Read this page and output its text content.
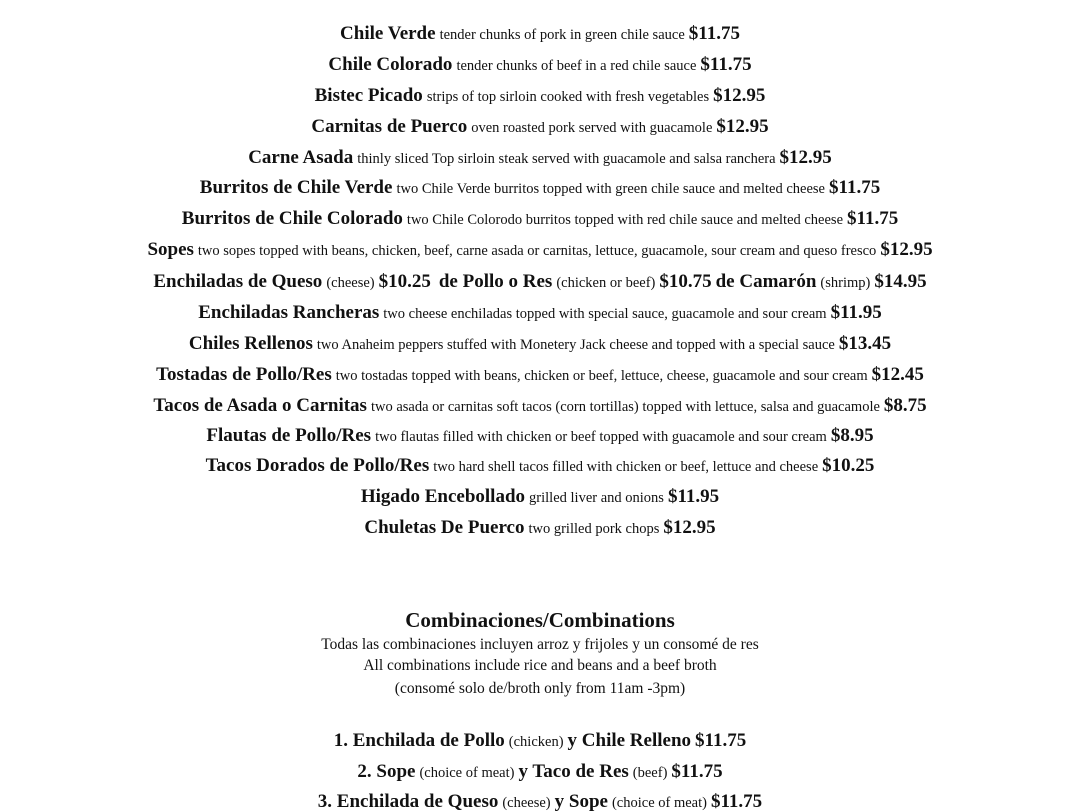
Chile Verde tender chunks of pork in green chile sauce $11.75
Chile Colorado tender chunks of beef in a red chile sauce $11.75
Bistec Picado strips of top sirloin cooked with fresh vegetables $12.95
Carnitas de Puerco oven roasted pork served with guacamole $12.95
Carne Asada thinly sliced Top sirloin steak served with guacamole and salsa ranchera $12.95
Burritos de Chile Verde two Chile Verde burritos topped with green chile sauce and melted cheese $11.75
Burritos de Chile Colorado two Chile Colorodo burritos topped with red chile sauce and melted cheese $11.75
Sopes two sopes topped with beans, chicken, beef, carne asada or carnitas, lettuce, guacamole, sour cream and queso fresco $12.95
Enchiladas de Queso (cheese) $10.25 de Pollo o Res (chicken or beef) $10.75 de Camarón (shrimp) $14.95
Enchiladas Rancheras two cheese enchiladas topped with special sauce, guacamole and sour cream $11.95
Chiles Rellenos two Anaheim peppers stuffed with Monetery Jack cheese and topped with a special sauce $13.45
Tostadas de Pollo/Res two tostadas topped with beans, chicken or beef, lettuce, cheese, guacamole and sour cream $12.45
Tacos de Asada o Carnitas two asada or carnitas soft tacos (corn tortillas) topped with lettuce, salsa and guacamole $8.75
Flautas de Pollo/Res two flautas filled with chicken or beef topped with guacamole and sour cream $8.95
Tacos Dorados de Pollo/Res two hard shell tacos filled with chicken or beef, lettuce and cheese $10.25
Higado Encebollado grilled liver and onions $11.95
Chuletas De Puerco two grilled pork chops $12.95
Combinaciones/Combinations
Todas las combinaciones incluyen arroz y frijoles y un consomé de res
All combinations include rice and beans and a beef broth
(consomé solo de/broth only from 11am -3pm)
1. Enchilada de Pollo (chicken) y Chile Relleno $11.75
2. Sope (choice of meat) y Taco de Res (beef) $11.75
3. Enchilada de Queso (cheese) y Sope (choice of meat) $11.75
